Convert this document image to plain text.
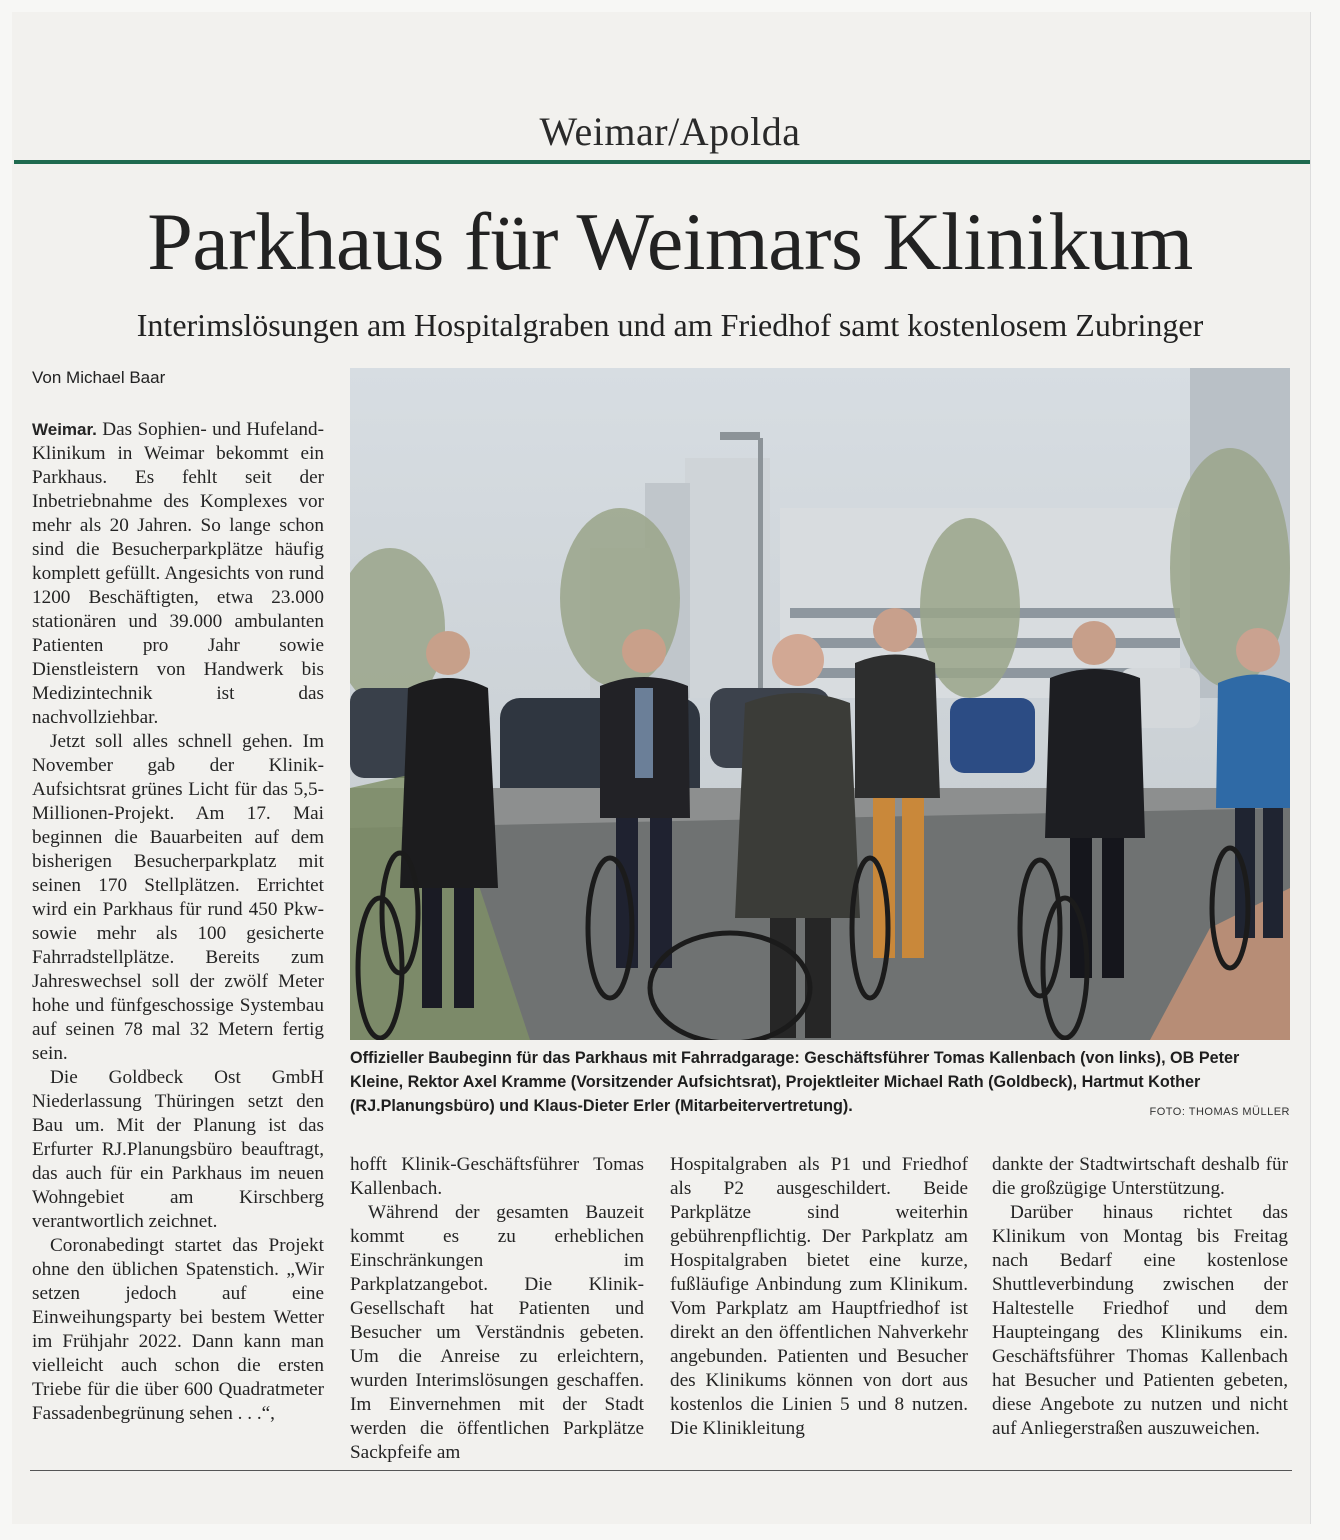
Weimar/Apolda
Parkhaus für Weimars Klinikum
Interimslösungen am Hospitalgraben und am Friedhof samt kostenlosem Zubringer
Von Michael Baar

Weimar. Das Sophien- und Hufeland-Klinikum in Weimar bekommt ein Parkhaus. Es fehlt seit der Inbetriebnahme des Komplexes vor mehr als 20 Jahren. So lange schon sind die Besucherparkplätze häufig komplett gefüllt. Angesichts von rund 1200 Beschäftigten, etwa 23.000 stationären und 39.000 ambulanten Patienten pro Jahr sowie Dienstleistern von Handwerk bis Medizintechnik ist das nachvollziehbar.

Jetzt soll alles schnell gehen. Im November gab der Klinik-Aufsichtsrat grünes Licht für das 5,5-Millionen-Projekt. Am 17. Mai beginnen die Bauarbeiten auf dem bisherigen Besucherparkplatz mit seinen 170 Stellplätzen. Errichtet wird ein Parkhaus für rund 450 Pkw- sowie mehr als 100 gesicherte Fahrradstellplätze. Bereits zum Jahreswechsel soll der zwölf Meter hohe und fünfgeschossige Systembau auf seinen 78 mal 32 Metern fertig sein.

Die Goldbeck Ost GmbH Niederlassung Thüringen setzt den Bau um. Mit der Planung ist das Erfurter RJ.Planungsbüro beauftragt, das auch für ein Parkhaus im neuen Wohngebiet am Kirschberg verantwortlich zeichnet.

Coronabedingt startet das Projekt ohne den üblichen Spatenstich. „Wir setzen jedoch auf eine Einweihungsparty bei bestem Wetter im Frühjahr 2022. Dann kann man vielleicht auch schon die ersten Triebe für die über 600 Quadratmeter Fassadenbegrünung sehen . . .“,

Offizieller Baubeginn für das Parkhaus mit Fahrradgarage: Geschäftsführer Tomas Kallenbach (von links), OB Peter Kleine, Rektor Axel Kramme (Vorsitzender Aufsichtsrat), Projektleiter Michael Rath (Goldbeck), Hartmut Kother (RJ.Planungsbüro) und Klaus-Dieter Erler (Mitarbeitervertretung).	FOTO: THOMAS MÜLLER

hofft Klinik-Geschäftsführer Tomas Kallenbach.

Während der gesamten Bauzeit kommt es zu erheblichen Einschränkungen im Parkplatzangebot. Die Klinik-Gesellschaft hat Patienten und Besucher um Verständnis gebeten. Um die Anreise zu erleichtern, wurden Interimslösungen geschaffen. Im Einvernehmen mit der Stadt werden die öffentlichen Parkplätze Sackpfeife am

Hospitalgraben als P1 und Friedhof als P2 ausgeschildert. Beide Parkplätze sind weiterhin gebührenpflichtig. Der Parkplatz am Hospitalgraben bietet eine kurze, fußläufige Anbindung zum Klinikum. Vom Parkplatz am Hauptfriedhof ist direkt an den öffentlichen Nahverkehr angebunden. Patienten und Besucher des Klinikums können von dort aus kostenlos die Linien 5 und 8 nutzen. Die Klinikleitung

dankte der Stadtwirtschaft deshalb für die großzügige Unterstützung.

Darüber hinaus richtet das Klinikum von Montag bis Freitag nach Bedarf eine kostenlose Shuttleverbindung zwischen der Haltestelle Friedhof und dem Haupteingang des Klinikums ein. Geschäftsführer Thomas Kallenbach hat Besucher und Patienten gebeten, diese Angebote zu nutzen und nicht auf Anliegerstraßen auszuweichen.
